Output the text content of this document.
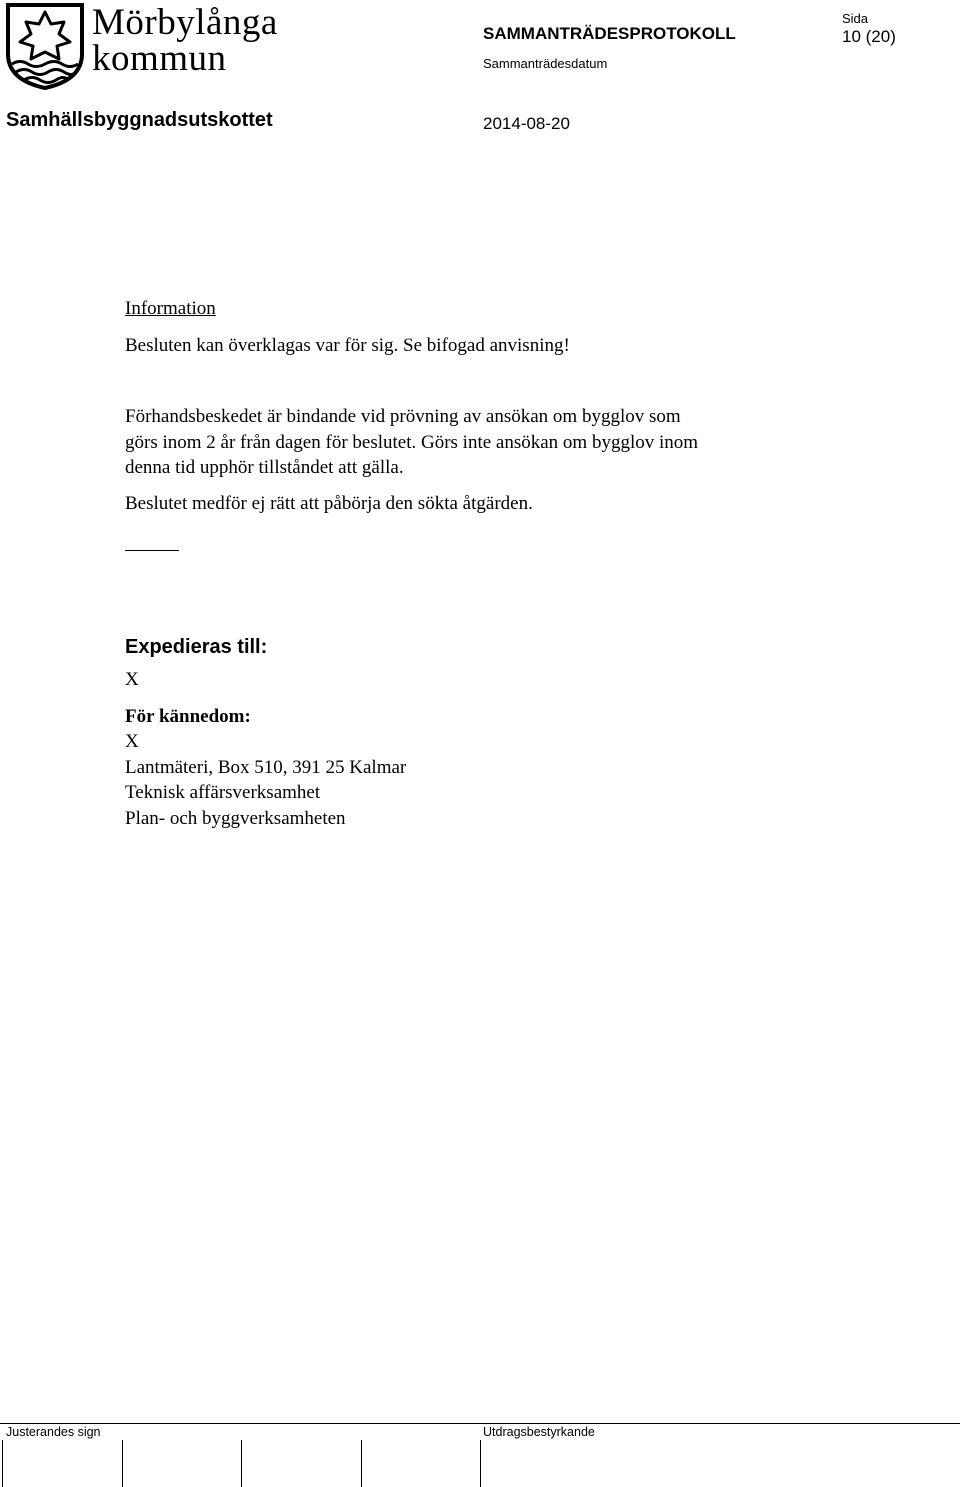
Mörbylånga
kommun
SAMMANTRÄDESPROTOKOLL
Sida
10 (20)
Sammanträdesdatum
Samhällsbyggnadsutskottet	2014-08-20
Information
Besluten kan överklagas var för sig. Se bifogad anvisning!

Förhandsbeskedet är bindande vid prövning av ansökan om bygglov som

görs inom 2 år från dagen för beslutet. Görs inte ansökan om bygglov inom

denna tid upphör tillståndet att gälla.

Beslutet medför ej rätt att påbörja den sökta åtgärden.

Expedieras till:
X
För kännedom:
X
Lantmäteri, Box 510, 391 25 Kalmar
Teknisk affärsverksamhet
Plan- och byggverksamheten
Justerandes sign	Utdragsbestyrkande
